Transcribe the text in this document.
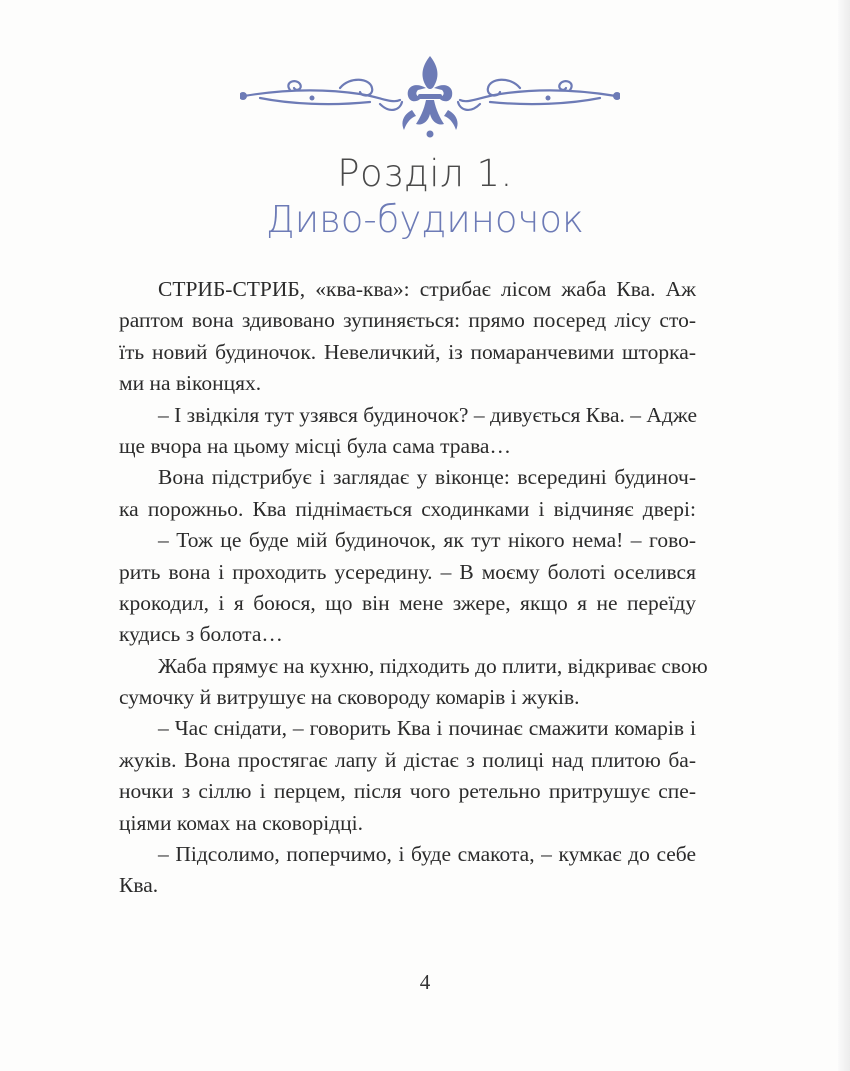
Розділ 1.
Диво-будиночок
СТРИБ-СТРИБ, «ква-ква»: стрибає лісом жаба Ква. Аж
раптом вона здивовано зупиняється: прямо посеред лісу сто-
їть новий будиночок. Невеличкий, із помаранчевими шторка-
ми на віконцях.
– І звідкіля тут узявся будиночок? – дивується Ква. – Адже
ще вчора на цьому місці була сама трава…
Вона підстрибує і заглядає у віконце: всередині будиноч-
ка порожньо. Ква піднімається сходинками і відчиняє двері:
– Тож це буде мій будиночок, як тут нікого нема! – гово-
рить вона і проходить усередину. – В моєму болоті оселився
крокодил, і я боюся, що він мене зжере, якщо я не переїду
кудись з болота…
Жаба прямує на кухню, підходить до плити, відкриває свою
сумочку й витрушує на сковороду комарів і жуків.
– Час снідати, – говорить Ква і починає смажити комарів і
жуків. Вона простягає лапу й дістає з полиці над плитою ба-
ночки з сіллю і перцем, після чого ретельно притрушує спе-
ціями комах на сковорідці.
– Підсолимо, поперчимо, і буде смакота, – кумкає до себе
Ква.
4
